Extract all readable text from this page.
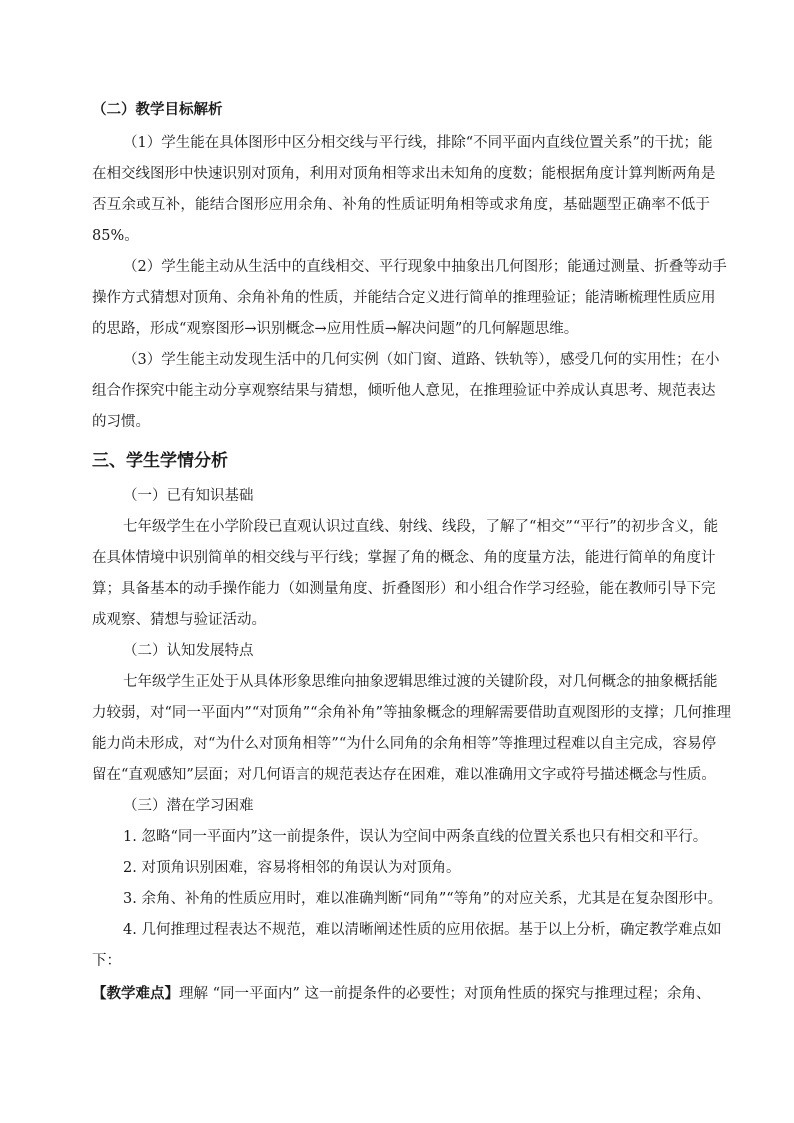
（二）教学目标解析
（1）学生能在具体图形中区分相交线与平行线，排除“不同平面内直线位置关系”的干扰；能
在相交线图形中快速识别对顶角，利用对顶角相等求出未知角的度数；能根据角度计算判断两角是
否互余或互补，能结合图形应用余角、补角的性质证明角相等或求角度，基础题型正确率不低于
85%。
（2）学生能主动从生活中的直线相交、平行现象中抽象出几何图形；能通过测量、折叠等动手
操作方式猜想对顶角、余角补角的性质，并能结合定义进行简单的推理验证；能清晰梳理性质应用
的思路，形成“观察图形→识别概念→应用性质→解决问题”的几何解题思维。
（3）学生能主动发现生活中的几何实例（如门窗、道路、铁轨等），感受几何的实用性；在小
组合作探究中能主动分享观察结果与猜想，倾听他人意见，在推理验证中养成认真思考、规范表达
的习惯。
三、学生学情分析
（一）已有知识基础
七年级学生在小学阶段已直观认识过直线、射线、线段，了解了“相交”“平行”的初步含义，能
在具体情境中识别简单的相交线与平行线；掌握了角的概念、角的度量方法，能进行简单的角度计
算；具备基本的动手操作能力（如测量角度、折叠图形）和小组合作学习经验，能在教师引导下完
成观察、猜想与验证活动。
（二）认知发展特点
七年级学生正处于从具体形象思维向抽象逻辑思维过渡的关键阶段，对几何概念的抽象概括能
力较弱，对“同一平面内”“对顶角”“余角补角”等抽象概念的理解需要借助直观图形的支撑；几何推理
能力尚未形成，对“为什么对顶角相等”“为什么同角的余角相等”等推理过程难以自主完成，容易停
留在“直观感知”层面；对几何语言的规范表达存在困难，难以准确用文字或符号描述概念与性质。
（三）潜在学习困难
1. 忽略“同一平面内”这一前提条件，误认为空间中两条直线的位置关系也只有相交和平行。
2. 对顶角识别困难，容易将相邻的角误认为对顶角。
3. 余角、补角的性质应用时，难以准确判断“同角”“等角”的对应关系，尤其是在复杂图形中。
4. 几何推理过程表达不规范，难以清晰阐述性质的应用依据。基于以上分析，确定教学难点如
下：
【教学难点】理解 “同一平面内” 这一前提条件的必要性；对顶角性质的探究与推理过程；余角、
